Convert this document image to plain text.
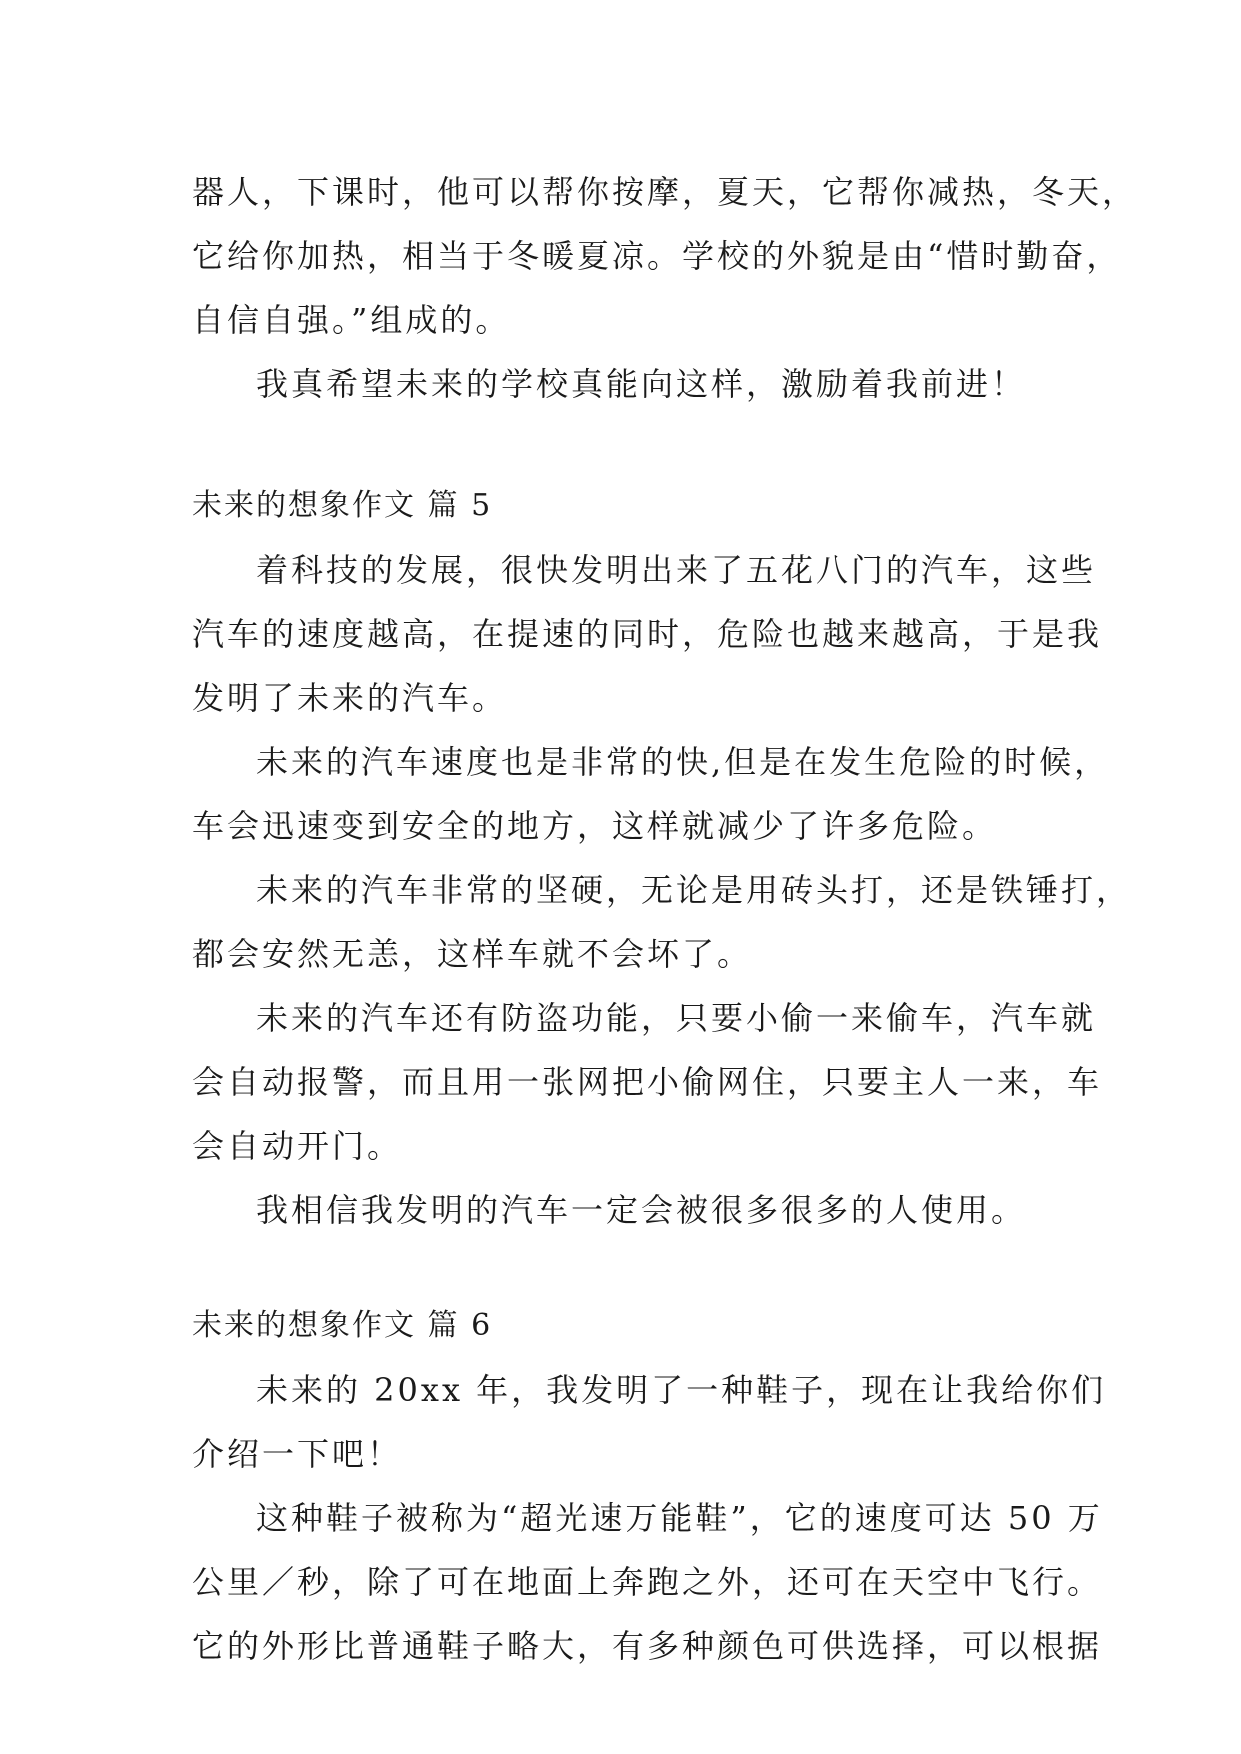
器人，下课时，他可以帮你按摩，夏天，它帮你减热，冬天，
它给你加热，相当于冬暖夏凉。学校的外貌是由“惜时勤奋，
自信自强。”组成的。
我真希望未来的学校真能向这样，激励着我前进！
未来的想象作文 篇 5
着科技的发展，很快发明出来了五花八门的汽车，这些
汽车的速度越高，在提速的同时，危险也越来越高，于是我
发明了未来的汽车。
未来的汽车速度也是非常的快,但是在发生危险的时候，
车会迅速变到安全的地方，这样就减少了许多危险。
未来的汽车非常的坚硬，无论是用砖头打，还是铁锤打，
都会安然无恙，这样车就不会坏了。
未来的汽车还有防盗功能，只要小偷一来偷车，汽车就
会自动报警，而且用一张网把小偷网住，只要主人一来，车
会自动开门。
我相信我发明的汽车一定会被很多很多的人使用。
未来的想象作文 篇 6
未来的 20xx 年，我发明了一种鞋子，现在让我给你们
介绍一下吧！
这种鞋子被称为“超光速万能鞋”，它的速度可达 50 万
公里／秒，除了可在地面上奔跑之外，还可在天空中飞行。
它的外形比普通鞋子略大，有多种颜色可供选择，可以根据
